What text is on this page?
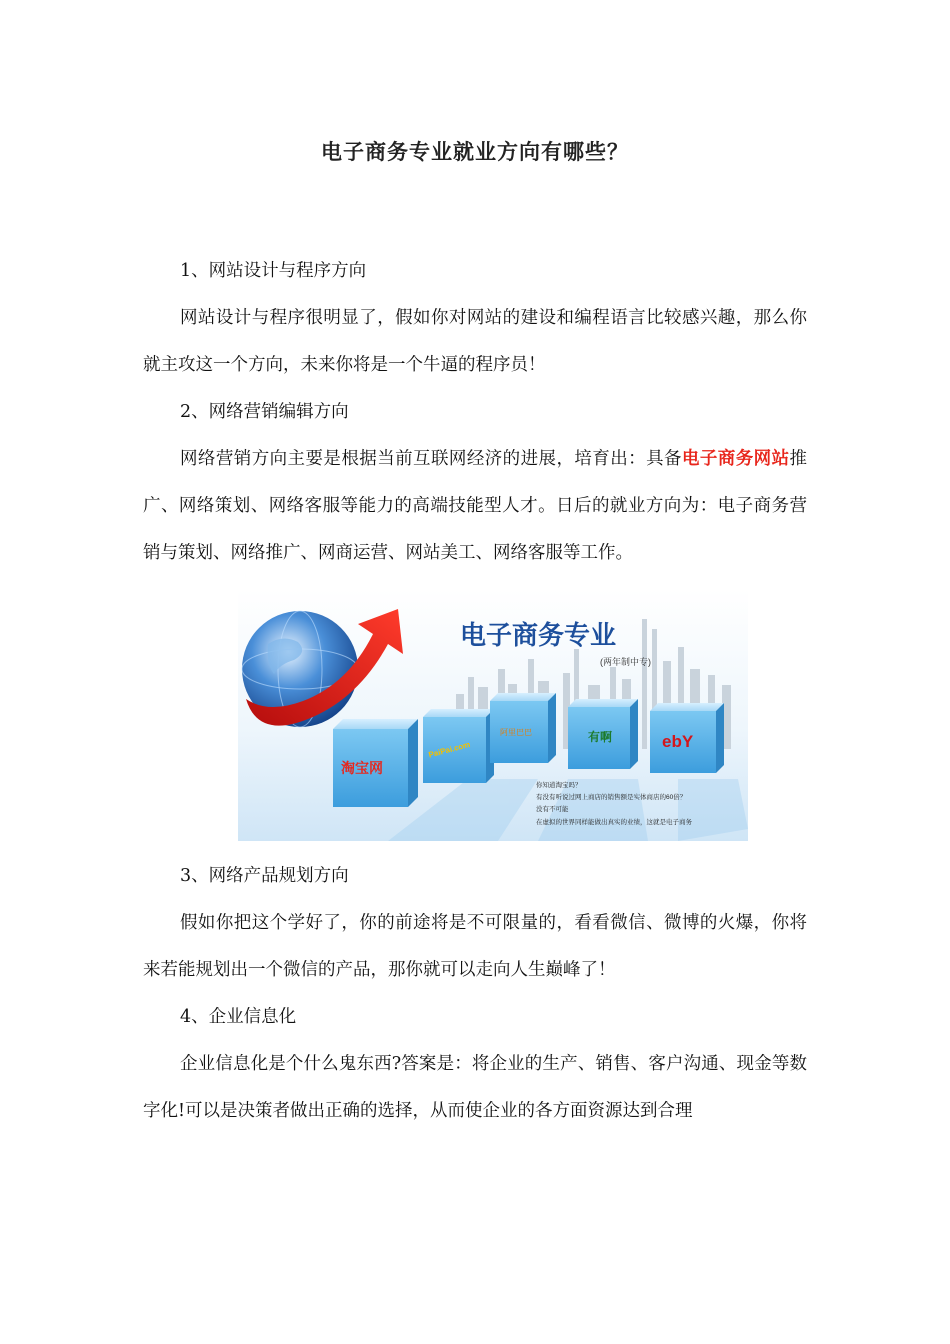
电子商务专业就业方向有哪些？

1、网站设计与程序方向

网站设计与程序很明显了，假如你对网站的建设和编程语言比较感兴趣，那么你就主攻这一个方向，未来你将是一个牛逼的程序员！

2、网络营销编辑方向

网络营销方向主要是根据当前互联网经济的进展，培育出：具备电子商务网站推广、网络策划、网络客服等能力的高端技能型人才。日后的就业方向为：电子商务营销与策划、网络推广、网商运营、网站美工、网络客服等工作。

电子商务专业
(两年制中专)
淘宝网
PaiPai.com
阿里巴巴	有啊	ebY
你知道淘宝吗？
有没有听说过网上商店的销售额是实体商店的60倍？
没有不可能
在虚拟的世界同样能做出真实的业绩，这就是电子商务

3、网络产品规划方向

假如你把这个学好了，你的前途将是不可限量的，看看微信、微博的火爆，你将来若能规划出一个微信的产品，那你就可以走向人生巅峰了！

4、企业信息化

企业信息化是个什么鬼东西?答案是：将企业的生产、销售、客户沟通、现金等数字化!可以是决策者做出正确的选择，从而使企业的各方面资源达到合理
